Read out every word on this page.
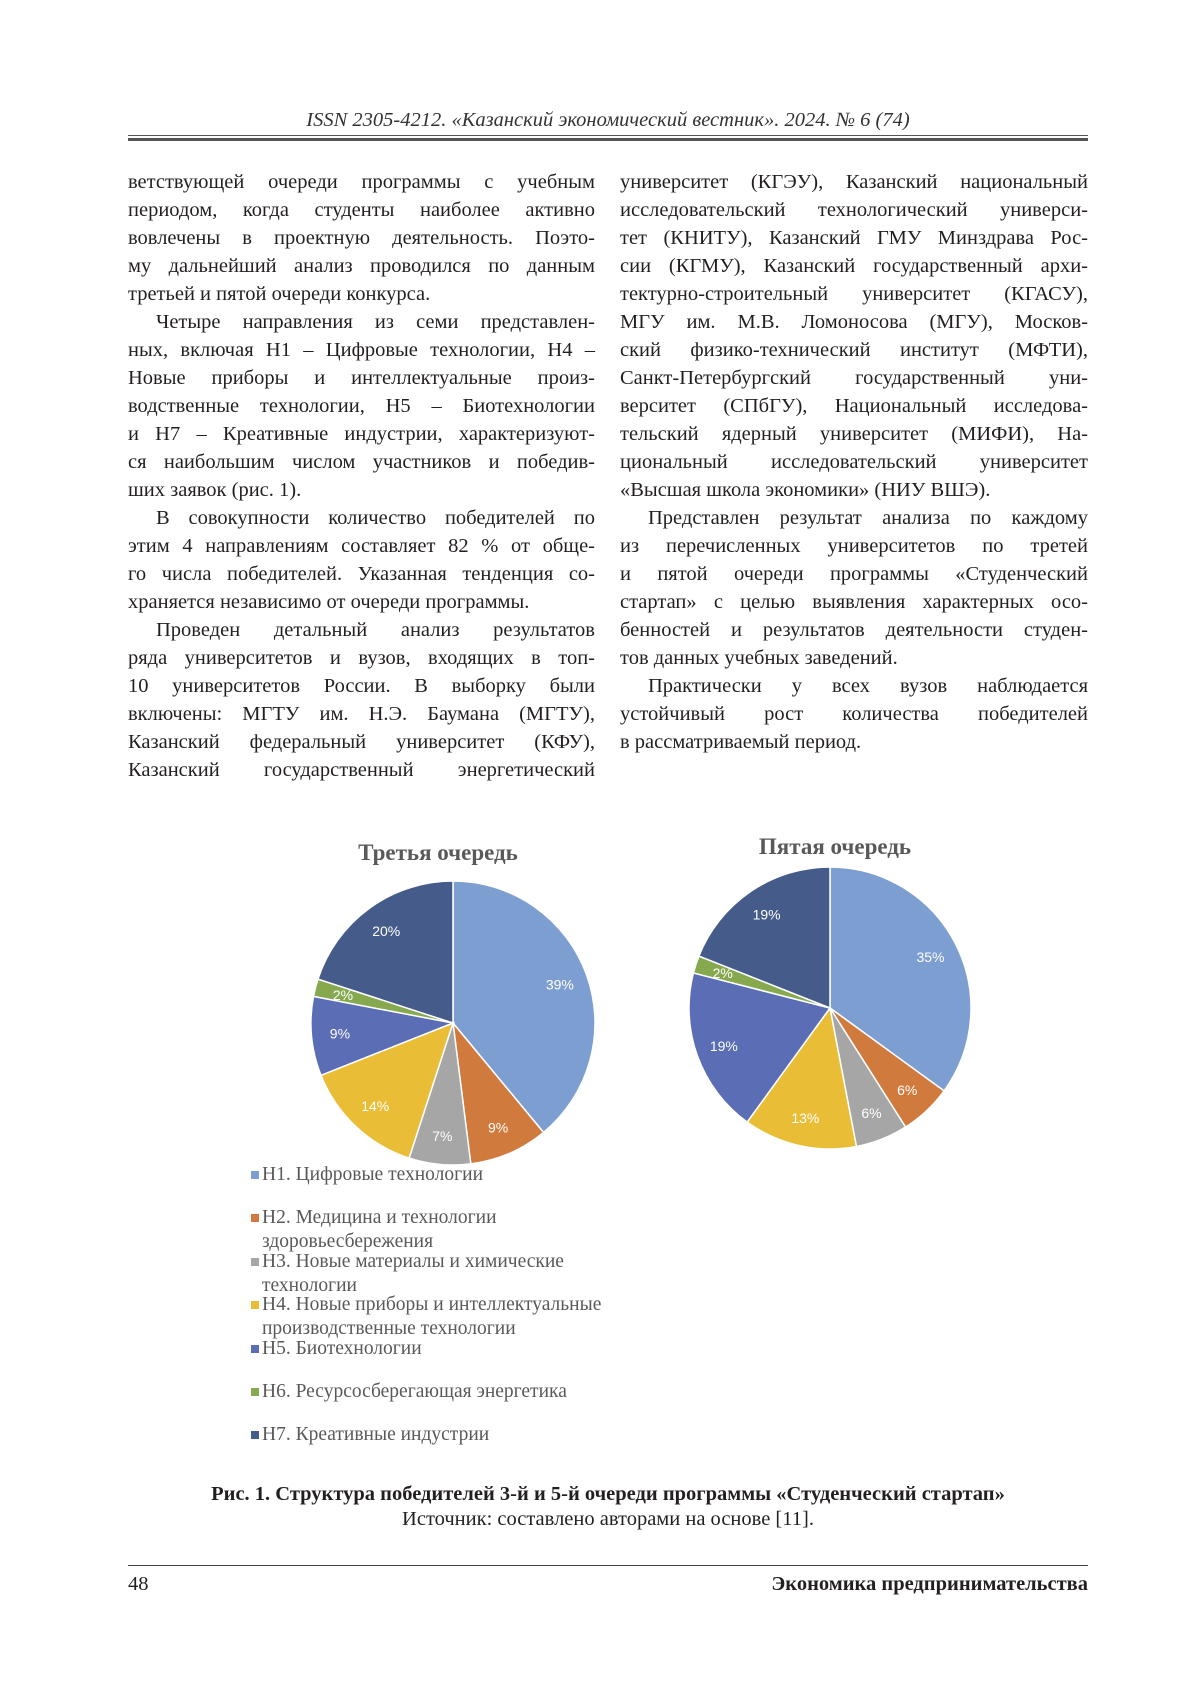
ISSN 2305-4212. «Казанский экономический вестник». 2024. № 6 (74)
ветствующей очереди программы с учебным
периодом, когда студенты наиболее активно
вовлечены в проектную деятельность. Поэто-
му дальнейший анализ проводился по данным
третьей и пятой очереди конкурса.
Четыре направления из семи представлен-
ных, включая Н1 – Цифровые технологии, Н4 –
Новые приборы и интеллектуальные произ-
водственные технологии, Н5 – Биотехнологии
и Н7 – Креативные индустрии, характеризуют-
ся наибольшим числом участников и победив-
ших заявок (рис. 1).
В совокупности количество победителей по
этим 4 направлениям составляет 82 % от обще-
го числа победителей. Указанная тенденция со-
храняется независимо от очереди программы.
Проведен детальный анализ результатов
ряда университетов и вузов, входящих в топ-
10 университетов России. В выборку были
включены: МГТУ им. Н.Э. Баумана (МГТУ),
Казанский федеральный университет (КФУ),
Казанский государственный энергетический
университет (КГЭУ), Казанский национальный
исследовательский технологический универси-
тет (КНИТУ), Казанский ГМУ Минздрава Рос-
сии (КГМУ), Казанский государственный архи-
тектурно-строительный университет (КГАСУ),
МГУ им. М.В. Ломоносова (МГУ), Москов-
ский физико-технический институт (МФТИ),
Санкт-Петербургский государственный уни-
верситет (СПбГУ), Национальный исследова-
тельский ядерный университет (МИФИ), На-
циональный исследовательский университет
«Высшая школа экономики» (НИУ ВШЭ).
Представлен результат анализа по каждому
из перечисленных университетов по третей
и пятой очереди программы «Студенческий
стартап» с целью выявления характерных осо-
бенностей и результатов деятельности студен-
тов данных учебных заведений.
Практически у всех вузов наблюдается
устойчивый рост количества победителей
в рассматриваемый период.
Третья очередь	Пятая очередь
39%
9%
7%
14%
9%
2%
20%
35%
6%
6%
13%
19%
2%
19%
Н1. Цифровые технологии
Н2. Медицина и технологии здоровьесбережения
Н3. Новые материалы и химические технологии
Н4. Новые приборы и интеллектуальные производственные технологии
Н5. Биотехнологии
Н6. Ресурсосберегающая энергетика
Н7. Креативные индустрии
Рис. 1. Структура победителей 3-й и 5-й очереди программы «Студенческий стартап»
Источник: составлено авторами на основе [11].
48	Экономика предпринимательства
